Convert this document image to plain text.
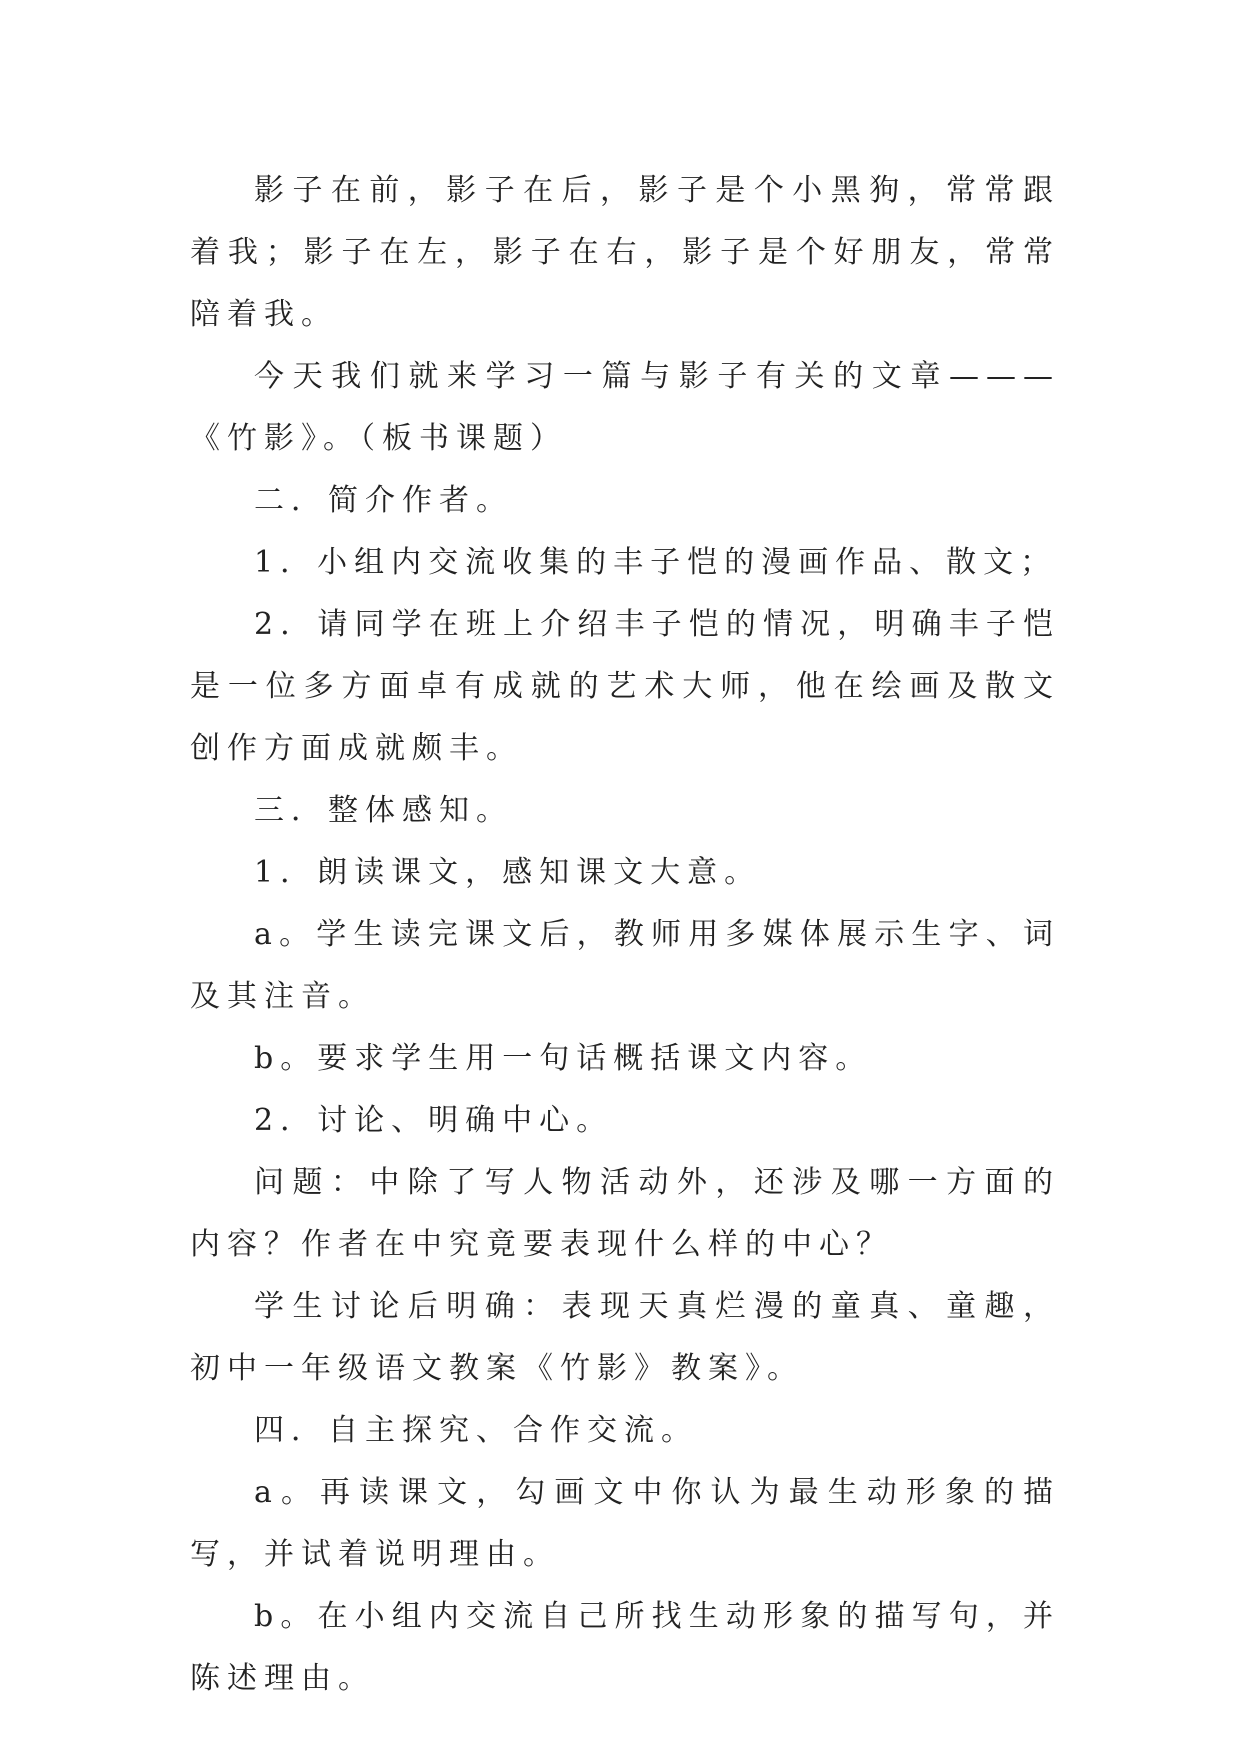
影子在前，影子在后，影子是个小黑狗，常常跟着我；影子在左，影子在右，影子是个好朋友，常常陪着我。

今天我们就来学习一篇与影子有关的文章———《竹影》。（板书课题）

二．简介作者。

1．小组内交流收集的丰子恺的漫画作品、散文；

2．请同学在班上介绍丰子恺的情况，明确丰子恺是一位多方面卓有成就的艺术大师，他在绘画及散文创作方面成就颇丰。

三．整体感知。

1．朗读课文，感知课文大意。

a。学生读完课文后，教师用多媒体展示生字、词及其注音。

b。要求学生用一句话概括课文内容。

2．讨论、明确中心。

问题：中除了写人物活动外，还涉及哪一方面的内容？作者在中究竟要表现什么样的中心？

学生讨论后明确：表现天真烂漫的童真、童趣，初中一年级语文教案《竹影》教案》。

四．自主探究、合作交流。

a。再读课文，勾画文中你认为最生动形象的描写，并试着说明理由。

b。在小组内交流自己所找生动形象的描写句，并陈述理由。
